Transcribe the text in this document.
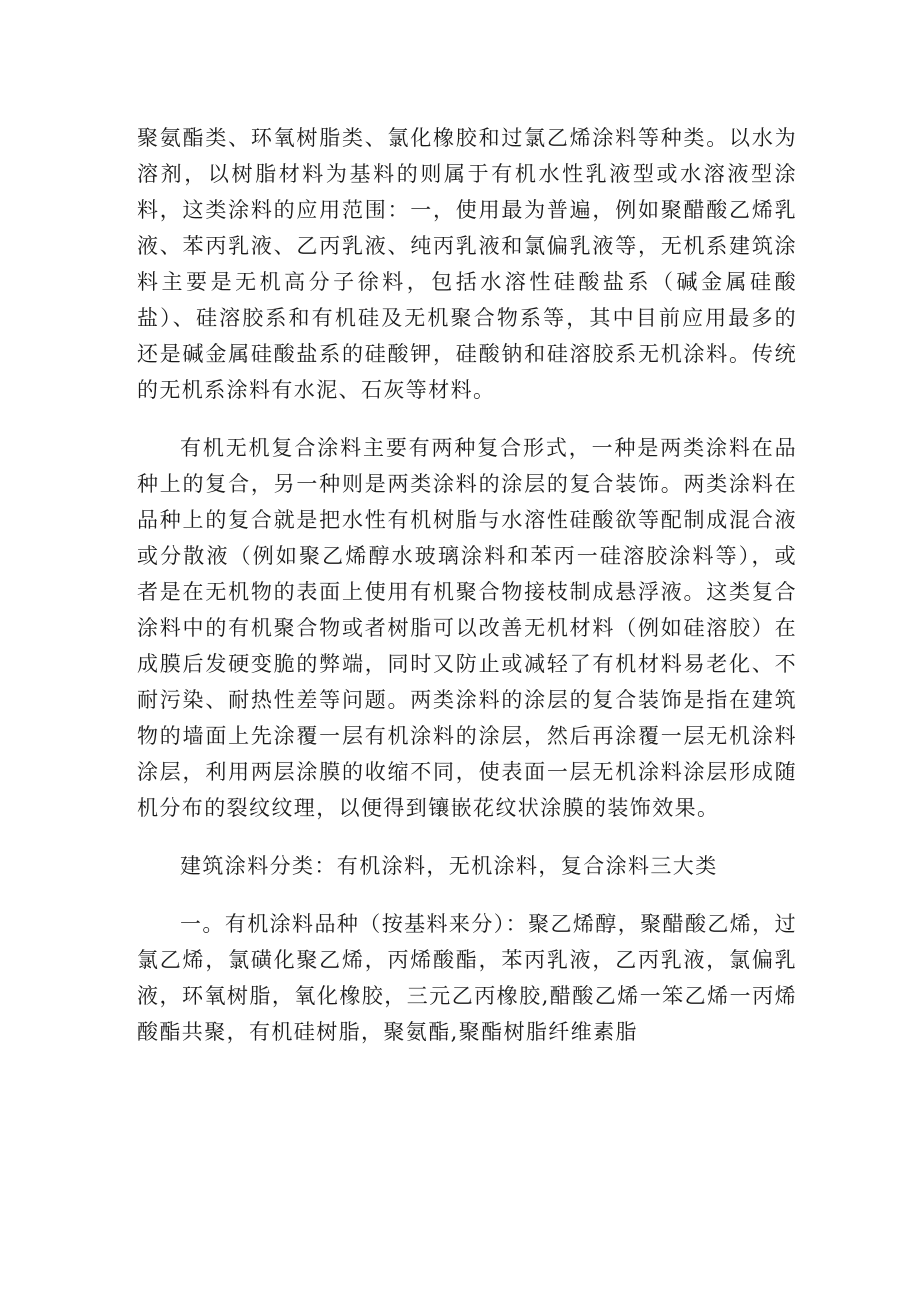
聚氨酯类、环氧树脂类、氯化橡胶和过氯乙烯涂料等种类。以水为溶剂，以树脂材料为基料的则属于有机水性乳液型或水溶液型涂料，这类涂料的应用范围：一，使用最为普遍，例如聚醋酸乙烯乳液、苯丙乳液、乙丙乳液、纯丙乳液和氯偏乳液等，无机系建筑涂料主要是无机高分子徐料，包括水溶性硅酸盐系（碱金属硅酸盐）、硅溶胶系和有机硅及无机聚合物系等，其中目前应用最多的还是碱金属硅酸盐系的硅酸钾，硅酸钠和硅溶胶系无机涂料。传统的无机系涂料有水泥、石灰等材料。

有机无机复合涂料主要有两种复合形式，一种是两类涂料在品种上的复合，另一种则是两类涂料的涂层的复合装饰。两类涂料在品种上的复合就是把水性有机树脂与水溶性硅酸欲等配制成混合液或分散液（例如聚乙烯醇水玻璃涂料和苯丙一硅溶胶涂料等），或者是在无机物的表面上使用有机聚合物接枝制成悬浮液。这类复合涂料中的有机聚合物或者树脂可以改善无机材料（例如硅溶胶）在成膜后发硬变脆的弊端，同时又防止或减轻了有机材料易老化、不耐污染、耐热性差等问题。两类涂料的涂层的复合装饰是指在建筑物的墙面上先涂覆一层有机涂料的涂层，然后再涂覆一层无机涂料涂层，利用两层涂膜的收缩不同，使表面一层无机涂料涂层形成随机分布的裂纹纹理，以便得到镶嵌花纹状涂膜的装饰效果。

建筑涂料分类：有机涂料，无机涂料，复合涂料三大类

一。有机涂料品种（按基料来分）：聚乙烯醇，聚醋酸乙烯，过氯乙烯，氯磺化聚乙烯，丙烯酸酯，苯丙乳液，乙丙乳液，氯偏乳液，环氧树脂，氧化橡胶，三元乙丙橡胶,醋酸乙烯一笨乙烯一丙烯酸酯共聚，有机硅树脂，聚氨酯,聚酯树脂纤维素脂
